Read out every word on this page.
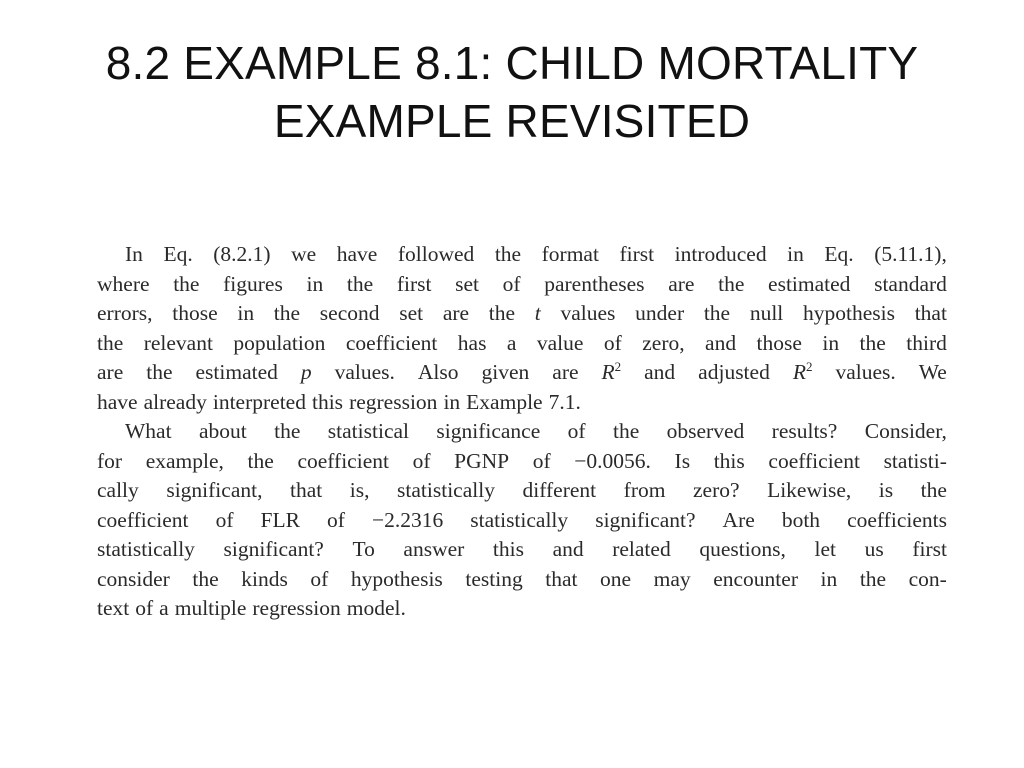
8.2 EXAMPLE 8.1: CHILD MORTALITY
EXAMPLE REVISITED
In Eq. (8.2.1) we have followed the format first introduced in Eq. (5.11.1),
where the figures in the first set of parentheses are the estimated standard
errors, those in the second set are the t values under the null hypothesis that
the relevant population coefficient has a value of zero, and those in the third
are the estimated p values. Also given are $R^2$ and adjusted $R^2$ values. We
have already interpreted this regression in Example 7.1.
What about the statistical significance of the observed results? Consider,
for example, the coefficient of PGNP of −0.0056. Is this coefficient statisti-
cally significant, that is, statistically different from zero? Likewise, is the
coefficient of FLR of −2.2316 statistically significant? Are both coefficients
statistically significant? To answer this and related questions, let us first
consider the kinds of hypothesis testing that one may encounter in the con-
text of a multiple regression model.
